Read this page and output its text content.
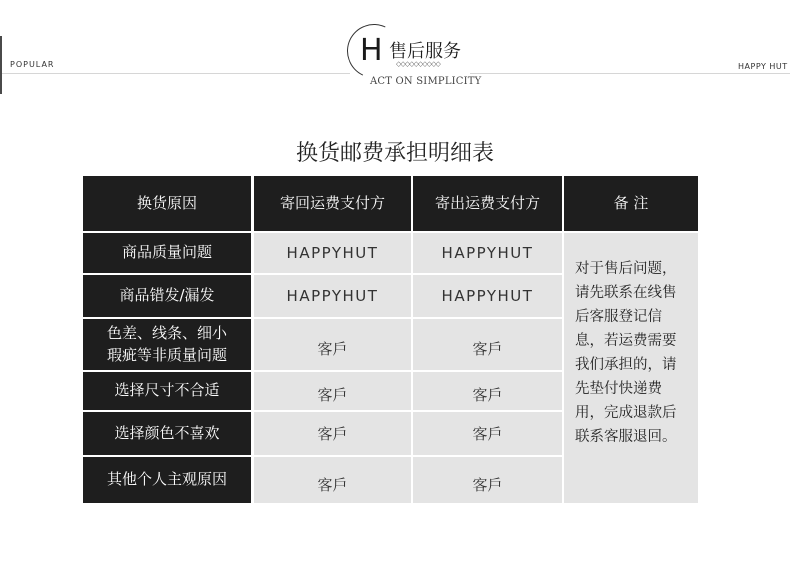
POPULAR	HAPPY HUT
H 售后服务
◇◇◇◇◇◇◇◇◇◇
ACT ON SIMPLICITY
换货邮费承担明细表
换货原因	寄回运费支付方	寄出运费支付方	备 注
商品质量问题	HAPPYHUT	HAPPYHUT
商品错发/漏发	HAPPYHUT	HAPPYHUT
色差、线条、细小
瑕疵等非质量问题	客戶	客戶
选择尺寸不合适	客戶	客戶
选择颜色不喜欢	客戶	客戶
其他个人主观原因	客戶	客戶
对于售后问题，请先联系在线售后客服登记信息，若运费需要我们承担的，请先垫付快递费用，完成退款后联系客服退回。
